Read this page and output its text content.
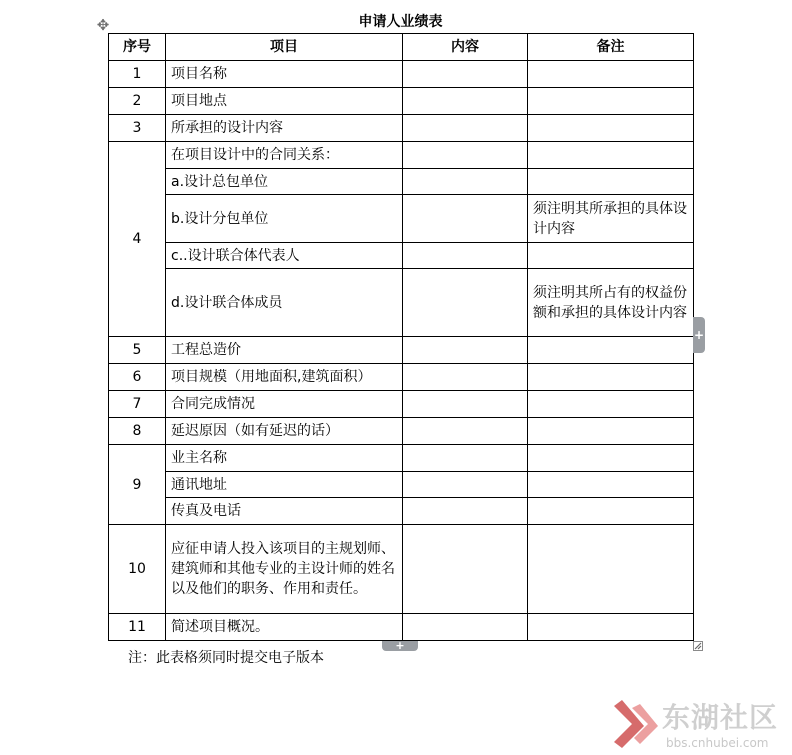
✥	申请人业绩表
序号	项目	内容	备注
1	项目名称		
2	项目地点		
3	所承担的设计内容		
4	在项目设计中的合同关系：		
	a.设计总包单位		
	b.设计分包单位		须注明其所承担的具体设计内容
	c..设计联合体代表人		
	d.设计联合体成员		须注明其所占有的权益份额和承担的具体设计内容
5	工程总造价		
6	项目规模（用地面积,建筑面积）		
7	合同完成情况		
8	延迟原因（如有延迟的话）		
9	业主名称		
	通讯地址		
	传真及电话		
10	应征申请人投入该项目的主规划师、建筑师和其他专业的主设计师的姓名以及他们的职务、作用和责任。		
11	简述项目概况。		
+
+
注：此表格须同时提交电子版本
东湖社区
bbs.cnhubei.com
